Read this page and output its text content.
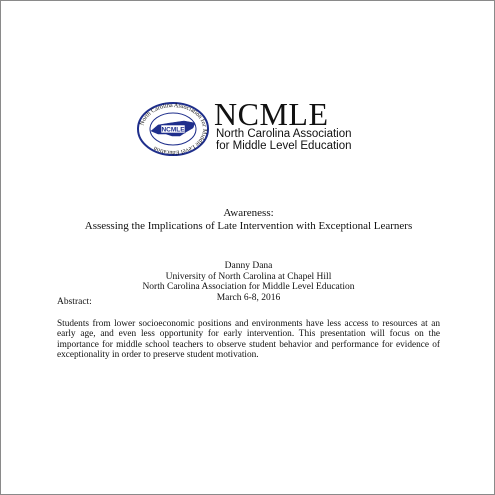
NCMLE
North Carolina Association for Middle Level Education
NCMLE
North Carolina Association
for Middle Level Education
Awareness:
Assessing the Implications of Late Intervention with Exceptional Learners
Danny Dana
University of North Carolina at Chapel Hill
North Carolina Association for Middle Level Education
March 6-8, 2016
Abstract:
Students from lower socioeconomic positions and environments have less access to resources at an early age, and even less opportunity for early intervention. This presentation will focus on the importance for middle school teachers to observe student behavior and performance for evidence of exceptionality in order to preserve student motivation.
